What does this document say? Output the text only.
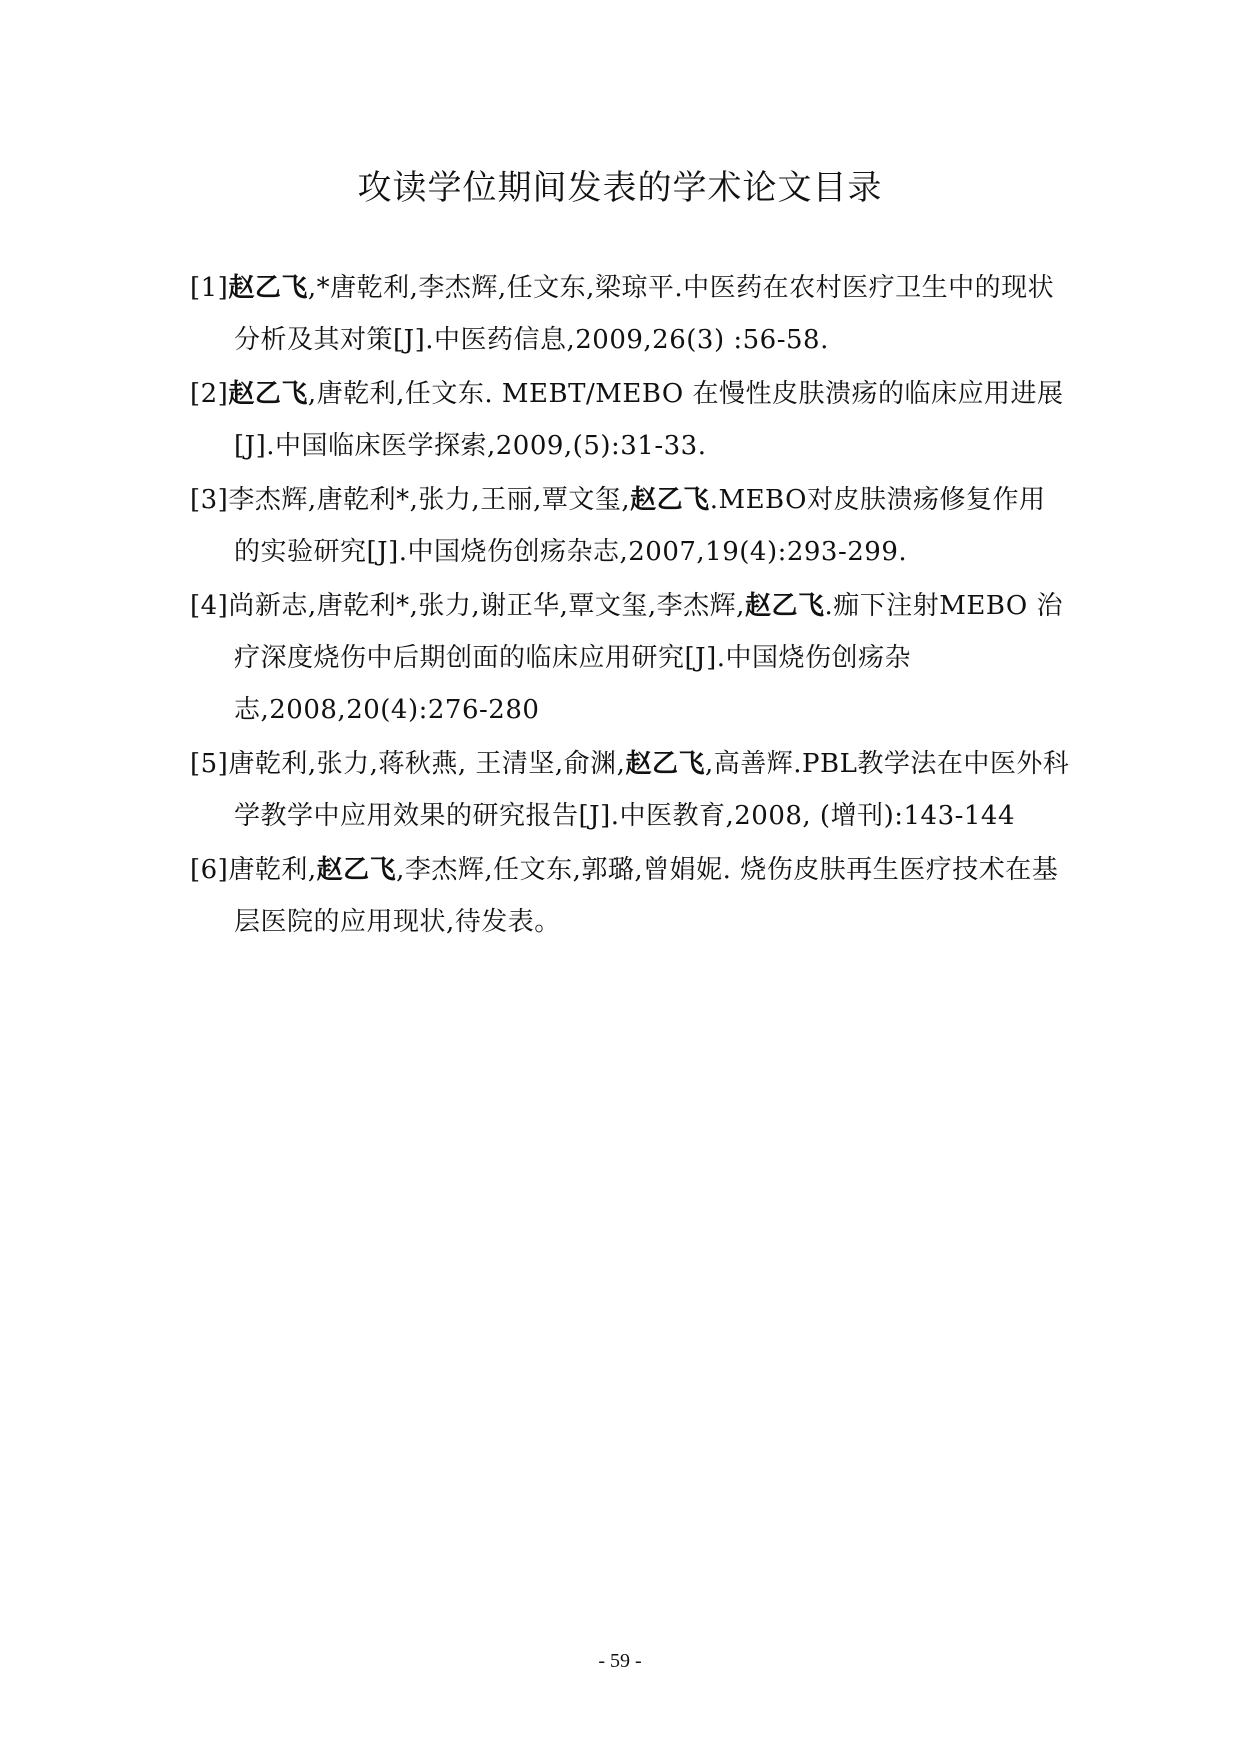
攻读学位期间发表的学术论文目录
[1]赵乙飞,*唐乾利,李杰辉,任文东,梁琼平.中医药在农村医疗卫生中的现状分析及其对策[J].中医药信息,2009,26(3) :56-58.
[2]赵乙飞,唐乾利,任文东. MEBT/MEBO 在慢性皮肤溃疡的临床应用进展[J].中国临床医学探索,2009,(5):31-33.
[3]李杰辉,唐乾利*,张力,王丽,覃文玺,赵乙飞.MEBO对皮肤溃疡修复作用的实验研究[J].中国烧伤创疡杂志,2007,19(4):293-299.
[4]尚新志,唐乾利*,张力,谢正华,覃文玺,李杰辉,赵乙飞.痂下注射MEBO 治疗深度烧伤中后期创面的临床应用研究[J].中国烧伤创疡杂志,2008,20(4):276-280
[5]唐乾利,张力,蒋秋燕, 王清坚,俞渊,赵乙飞,高善辉.PBL教学法在中医外科学教学中应用效果的研究报告[J].中医教育,2008, (增刊):143-144
[6]唐乾利,赵乙飞,李杰辉,任文东,郭璐,曾娟妮. 烧伤皮肤再生医疗技术在基层医院的应用现状,待发表。
- 59 -
